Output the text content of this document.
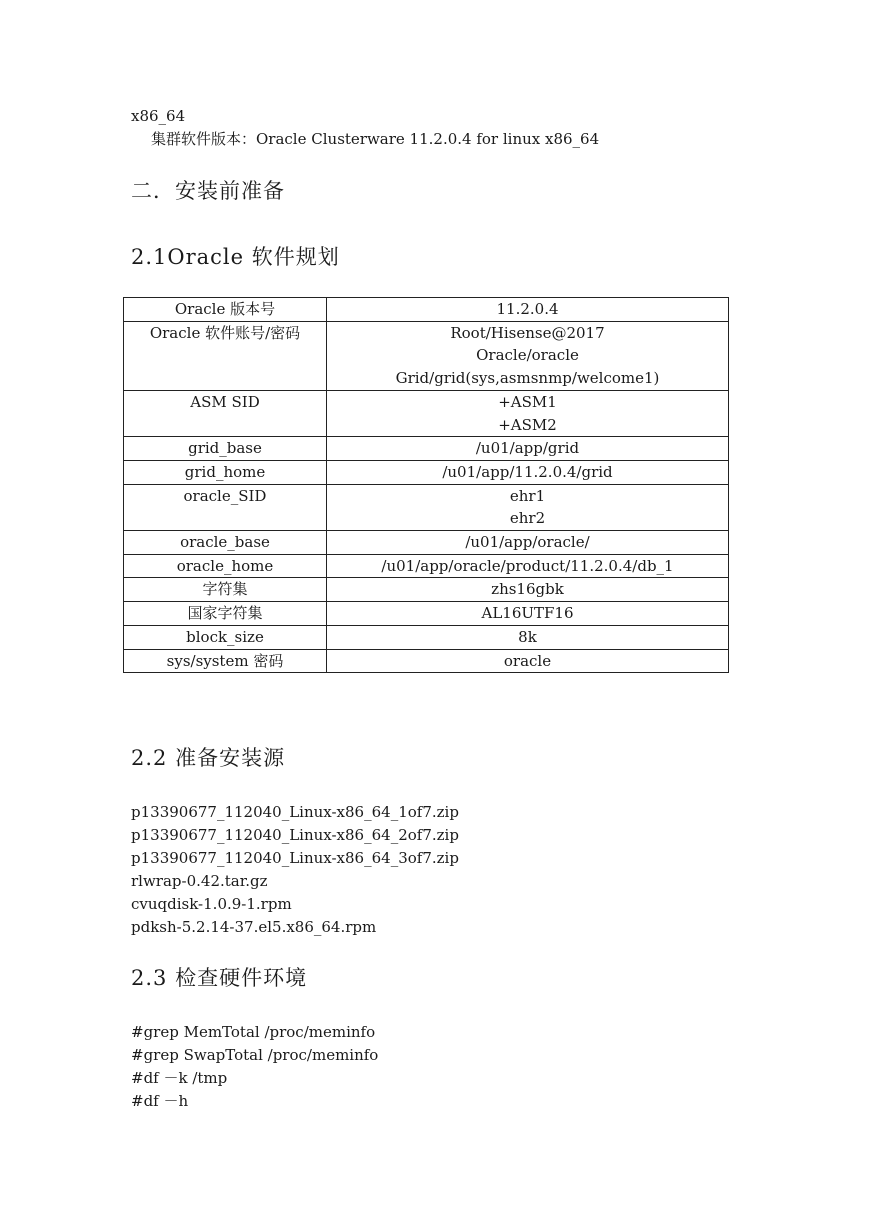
x86_64
集群软件版本：Oracle Clusterware 11.2.0.4 for linux x86_64
二．安装前准备
2.1Oracle 软件规划
Oracle 版本号	11.2.0.4

Oracle 软件账号/密码	Root/Hisense@2017
Oracle/oracle
Grid/grid(sys,asmsnmp/welcome1)

ASM SID	+ASM1
+ASM2

grid_base	/u01/app/grid

grid_home	/u01/app/11.2.0.4/grid

oracle_SID	ehr1
ehr2

oracle_base	/u01/app/oracle/

oracle_home	/u01/app/oracle/product/11.2.0.4/db_1

字符集	zhs16gbk

国家字符集	AL16UTF16

block_size	8k

sys/system 密码	oracle
2.2 准备安装源
p13390677_112040_Linux-x86_64_1of7.zip
p13390677_112040_Linux-x86_64_2of7.zip
p13390677_112040_Linux-x86_64_3of7.zip
rlwrap-0.42.tar.gz
cvuqdisk-1.0.9-1.rpm
pdksh-5.2.14-37.el5.x86_64.rpm
2.3 检查硬件环境
#grep MemTotal /proc/meminfo
#grep SwapTotal /proc/meminfo
#df －k /tmp
#df －h
